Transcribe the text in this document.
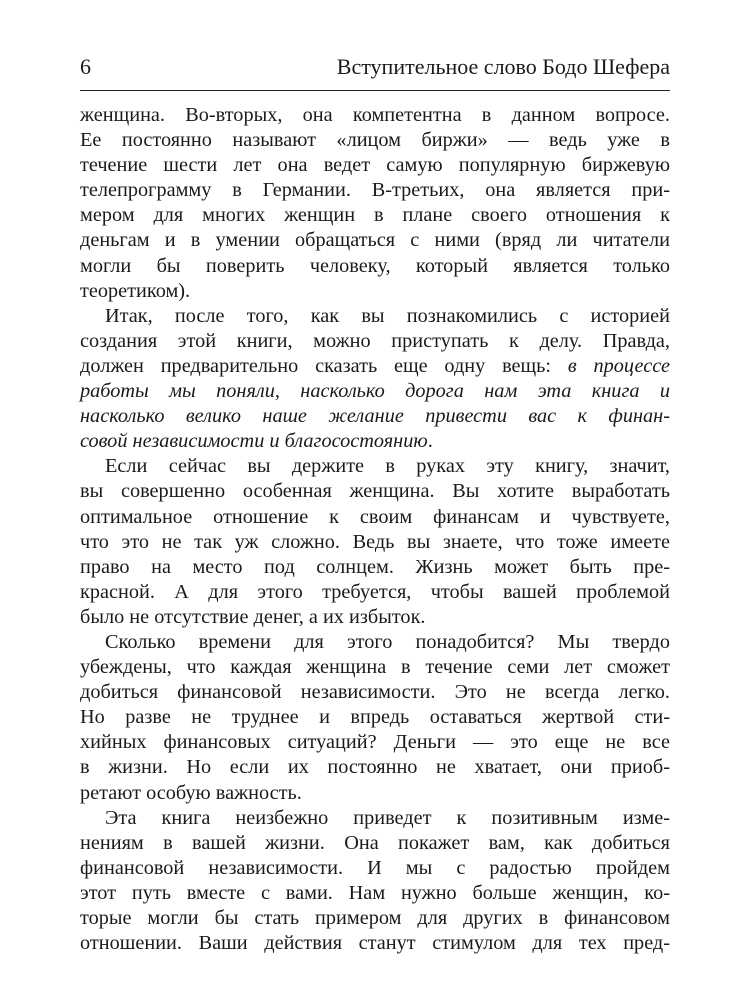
6	Вступительное слово Бодо Шефера

женщина. Во-вторых, она компетентна в данном вопросе.
Ее постоянно называют «лицом биржи» — ведь уже в
течение шести лет она ведет самую популярную биржевую
телепрограмму в Германии. В-третьих, она является при-
мером для многих женщин в плане своего отношения к
деньгам и в умении обращаться с ними (вряд ли читатели
могли бы поверить человеку, который является только
теоретиком).

Итак, после того, как вы познакомились с историей
создания этой книги, можно приступать к делу. Правда,
должен предварительно сказать еще одну вещь: в процессе
работы мы поняли, насколько дорога нам эта книга и
насколько велико наше желание привести вас к финан-
совой независимости и благосостоянию.

Если сейчас вы держите в руках эту книгу, значит,
вы совершенно особенная женщина. Вы хотите выработать
оптимальное отношение к своим финансам и чувствуете,
что это не так уж сложно. Ведь вы знаете, что тоже имеете
право на место под солнцем. Жизнь может быть пре-
красной. А для этого требуется, чтобы вашей проблемой
было не отсутствие денег, а их избыток.

Сколько времени для этого понадобится? Мы твердо
убеждены, что каждая женщина в течение семи лет сможет
добиться финансовой независимости. Это не всегда легко.
Но разве не труднее и впредь оставаться жертвой сти-
хийных финансовых ситуаций? Деньги — это еще не все
в жизни. Но если их постоянно не хватает, они приоб-
ретают особую важность.

Эта книга неизбежно приведет к позитивным изме-
нениям в вашей жизни. Она покажет вам, как добиться
финансовой независимости. И мы с радостью пройдем
этот путь вместе с вами. Нам нужно больше женщин, ко-
торые могли бы стать примером для других в финансовом
отношении. Ваши действия станут стимулом для тех пред-
